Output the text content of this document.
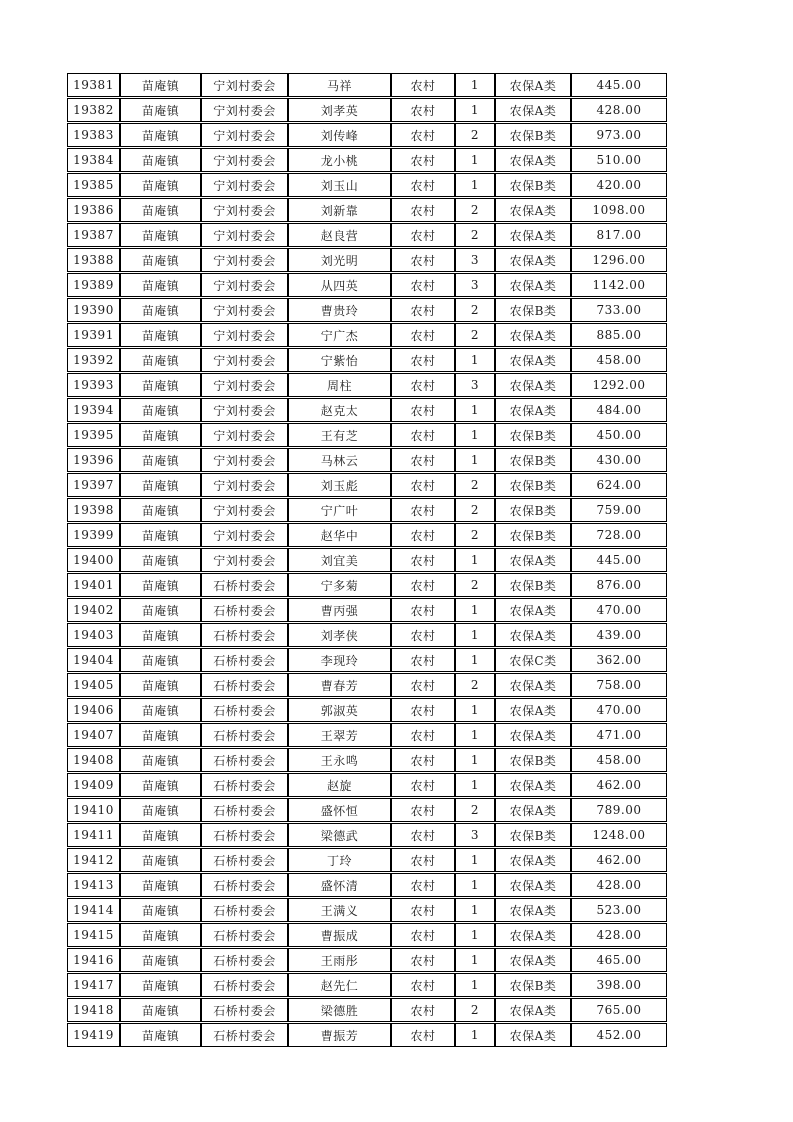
19381	苗庵镇	宁刘村委会	马祥	农村	1	农保A类	445.00
19382	苗庵镇	宁刘村委会	刘孝英	农村	1	农保A类	428.00
19383	苗庵镇	宁刘村委会	刘传峰	农村	2	农保B类	973.00
19384	苗庵镇	宁刘村委会	龙小桃	农村	1	农保A类	510.00
19385	苗庵镇	宁刘村委会	刘玉山	农村	1	农保B类	420.00
19386	苗庵镇	宁刘村委会	刘新靠	农村	2	农保A类	1098.00
19387	苗庵镇	宁刘村委会	赵良营	农村	2	农保A类	817.00
19388	苗庵镇	宁刘村委会	刘光明	农村	3	农保A类	1296.00
19389	苗庵镇	宁刘村委会	从四英	农村	3	农保A类	1142.00
19390	苗庵镇	宁刘村委会	曹贵玲	农村	2	农保B类	733.00
19391	苗庵镇	宁刘村委会	宁广杰	农村	2	农保A类	885.00
19392	苗庵镇	宁刘村委会	宁紫怡	农村	1	农保A类	458.00
19393	苗庵镇	宁刘村委会	周柱	农村	3	农保A类	1292.00
19394	苗庵镇	宁刘村委会	赵克太	农村	1	农保A类	484.00
19395	苗庵镇	宁刘村委会	王有芝	农村	1	农保B类	450.00
19396	苗庵镇	宁刘村委会	马林云	农村	1	农保B类	430.00
19397	苗庵镇	宁刘村委会	刘玉彪	农村	2	农保B类	624.00
19398	苗庵镇	宁刘村委会	宁广叶	农村	2	农保B类	759.00
19399	苗庵镇	宁刘村委会	赵华中	农村	2	农保B类	728.00
19400	苗庵镇	宁刘村委会	刘宜美	农村	1	农保A类	445.00
19401	苗庵镇	石桥村委会	宁多菊	农村	2	农保B类	876.00
19402	苗庵镇	石桥村委会	曹丙强	农村	1	农保A类	470.00
19403	苗庵镇	石桥村委会	刘孝侠	农村	1	农保A类	439.00
19404	苗庵镇	石桥村委会	李现玲	农村	1	农保C类	362.00
19405	苗庵镇	石桥村委会	曹春芳	农村	2	农保A类	758.00
19406	苗庵镇	石桥村委会	郭淑英	农村	1	农保A类	470.00
19407	苗庵镇	石桥村委会	王翠芳	农村	1	农保A类	471.00
19408	苗庵镇	石桥村委会	王永鸣	农村	1	农保B类	458.00
19409	苗庵镇	石桥村委会	赵旋	农村	1	农保A类	462.00
19410	苗庵镇	石桥村委会	盛怀恒	农村	2	农保A类	789.00
19411	苗庵镇	石桥村委会	梁德武	农村	3	农保B类	1248.00
19412	苗庵镇	石桥村委会	丁玲	农村	1	农保A类	462.00
19413	苗庵镇	石桥村委会	盛怀清	农村	1	农保A类	428.00
19414	苗庵镇	石桥村委会	王满义	农村	1	农保A类	523.00
19415	苗庵镇	石桥村委会	曹振成	农村	1	农保A类	428.00
19416	苗庵镇	石桥村委会	王雨彤	农村	1	农保A类	465.00
19417	苗庵镇	石桥村委会	赵先仁	农村	1	农保B类	398.00
19418	苗庵镇	石桥村委会	梁德胜	农村	2	农保A类	765.00
19419	苗庵镇	石桥村委会	曹振芳	农村	1	农保A类	452.00
